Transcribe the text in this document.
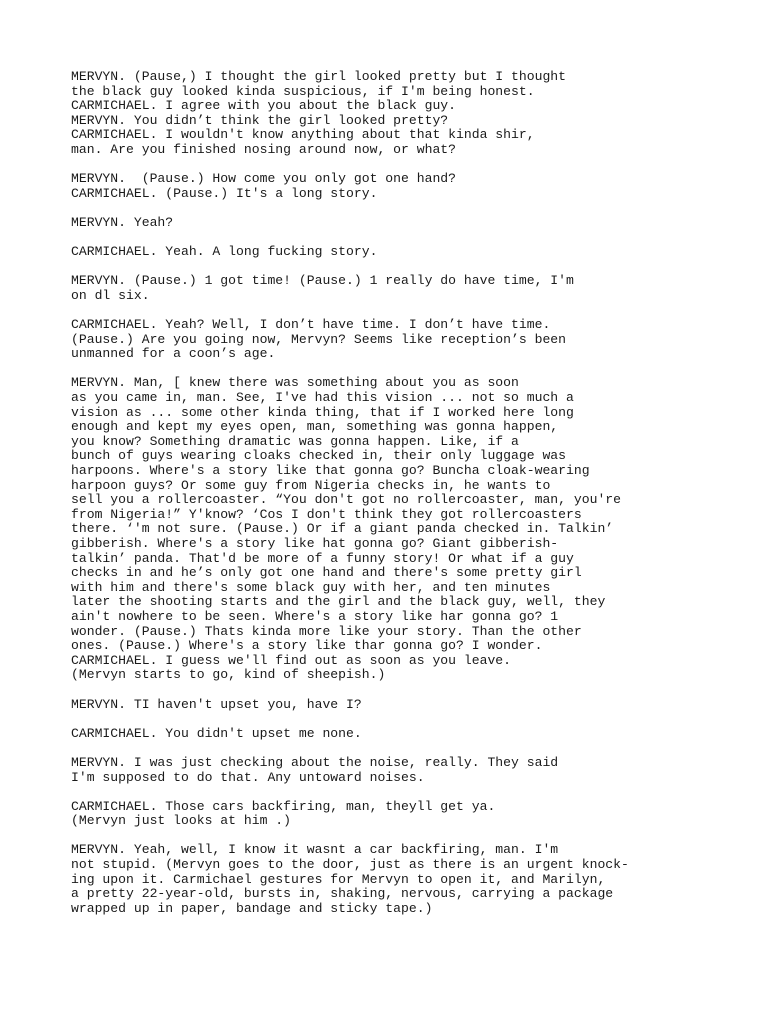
MERVYN. (Pause,) I thought the girl looked pretty but I thought
the black guy looked kinda suspicious, if I'm being honest.
CARMICHAEL. I agree with you about the black guy.
MERVYN. You didn’t think the girl looked pretty?
CARMICHAEL. I wouldn't know anything about that kinda shir,
man. Are you finished nosing around now, or what?
MERVYN.  (Pause.) How come you only got one hand?
CARMICHAEL. (Pause.) It's a long story.
MERVYN. Yeah?
CARMICHAEL. Yeah. A long fucking story.
MERVYN. (Pause.) 1 got time! (Pause.) 1 really do have time, I'm
on dl six.
CARMICHAEL. Yeah? Well, I don’t have time. I don’t have time.
(Pause.) Are you going now, Mervyn? Seems like reception’s been
unmanned for a coon’s age.
MERVYN. Man, [ knew there was something about you as soon
as you came in, man. See, I've had this vision ... not so much a
vision as ... some other kinda thing, that if I worked here long
enough and kept my eyes open, man, something was gonna happen,
you know? Something dramatic was gonna happen. Like, if a
bunch of guys wearing cloaks checked in, their only luggage was
harpoons. Where's a story like that gonna go? Buncha cloak-wearing
harpoon guys? Or some guy from Nigeria checks in, he wants to
sell you a rollercoaster. “You don't got no rollercoaster, man, you're
from Nigeria!” Y'know? ‘Cos I don't think they got rollercoasters
there. ‘'m not sure. (Pause.) Or if a giant panda checked in. Talkin’
gibberish. Where's a story like hat gonna go? Giant gibberish-
talkin’ panda. That'd be more of a funny story! Or what if a guy
checks in and he’s only got one hand and there's some pretty girl
with him and there's some black guy with her, and ten minutes
later the shooting starts and the girl and the black guy, well, they
ain't nowhere to be seen. Where's a story like har gonna go? 1
wonder. (Pause.) Thats kinda more like your story. Than the other
ones. (Pause.) Where's a story like thar gonna go? I wonder.
CARMICHAEL. I guess we'll find out as soon as you leave.
(Mervyn starts to go, kind of sheepish.)
MERVYN. TI haven't upset you, have I?
CARMICHAEL. You didn't upset me none.
MERVYN. I was just checking about the noise, really. They said
I'm supposed to do that. Any untoward noises.
CARMICHAEL. Those cars backfiring, man, theyll get ya.
(Mervyn just looks at him .)
MERVYN. Yeah, well, I know it wasnt a car backfiring, man. I'm
not stupid. (Mervyn goes to the door, just as there is an urgent knock-
ing upon it. Carmichael gestures for Mervyn to open it, and Marilyn,
a pretty 22-year-old, bursts in, shaking, nervous, carrying a package
wrapped up in paper, bandage and sticky tape.)
